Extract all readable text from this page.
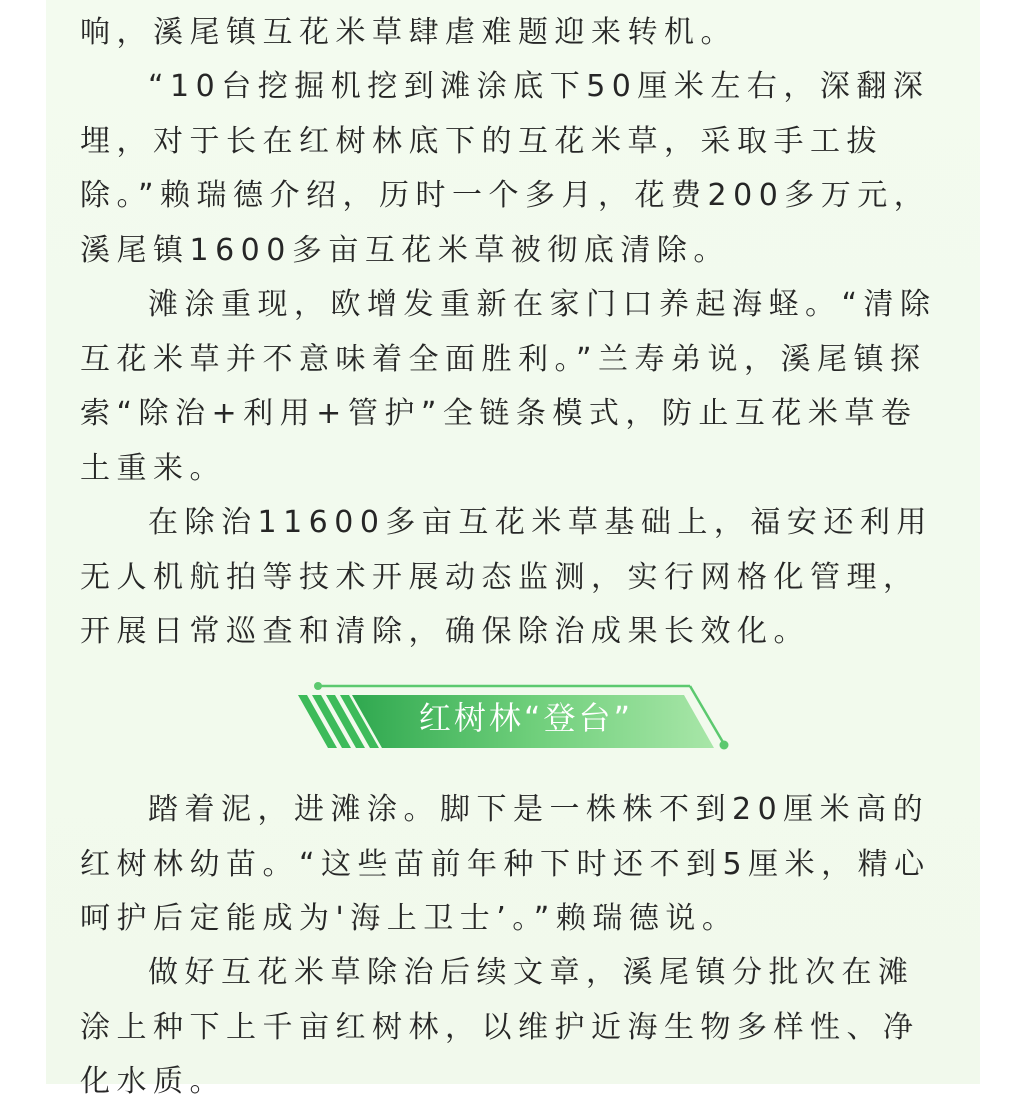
响，溪尾镇互花米草肆虐难题迎来转机。

“10台挖掘机挖到滩涂底下50厘米左右，深翻深埋，对于长在红树林底下的互花米草，采取手工拔除。”赖瑞德介绍，历时一个多月，花费200多万元，溪尾镇1600多亩互花米草被彻底清除。

滩涂重现，欧增发重新在家门口养起海蛏。“清除互花米草并不意味着全面胜利。”兰寿弟说，溪尾镇探索“除治+利用+管护”全链条模式，防止互花米草卷土重来。

在除治11600多亩互花米草基础上，福安还利用无人机航拍等技术开展动态监测，实行网格化管理，开展日常巡查和清除，确保除治成果长效化。

红树林“登台”

踏着泥，进滩涂。脚下是一株株不到20厘米高的红树林幼苗。“这些苗前年种下时还不到5厘米，精心呵护后定能成为'海上卫士’。”赖瑞德说。

做好互花米草除治后续文章，溪尾镇分批次在滩涂上种下上千亩红树林，以维护近海生物多样性、净化水质。
